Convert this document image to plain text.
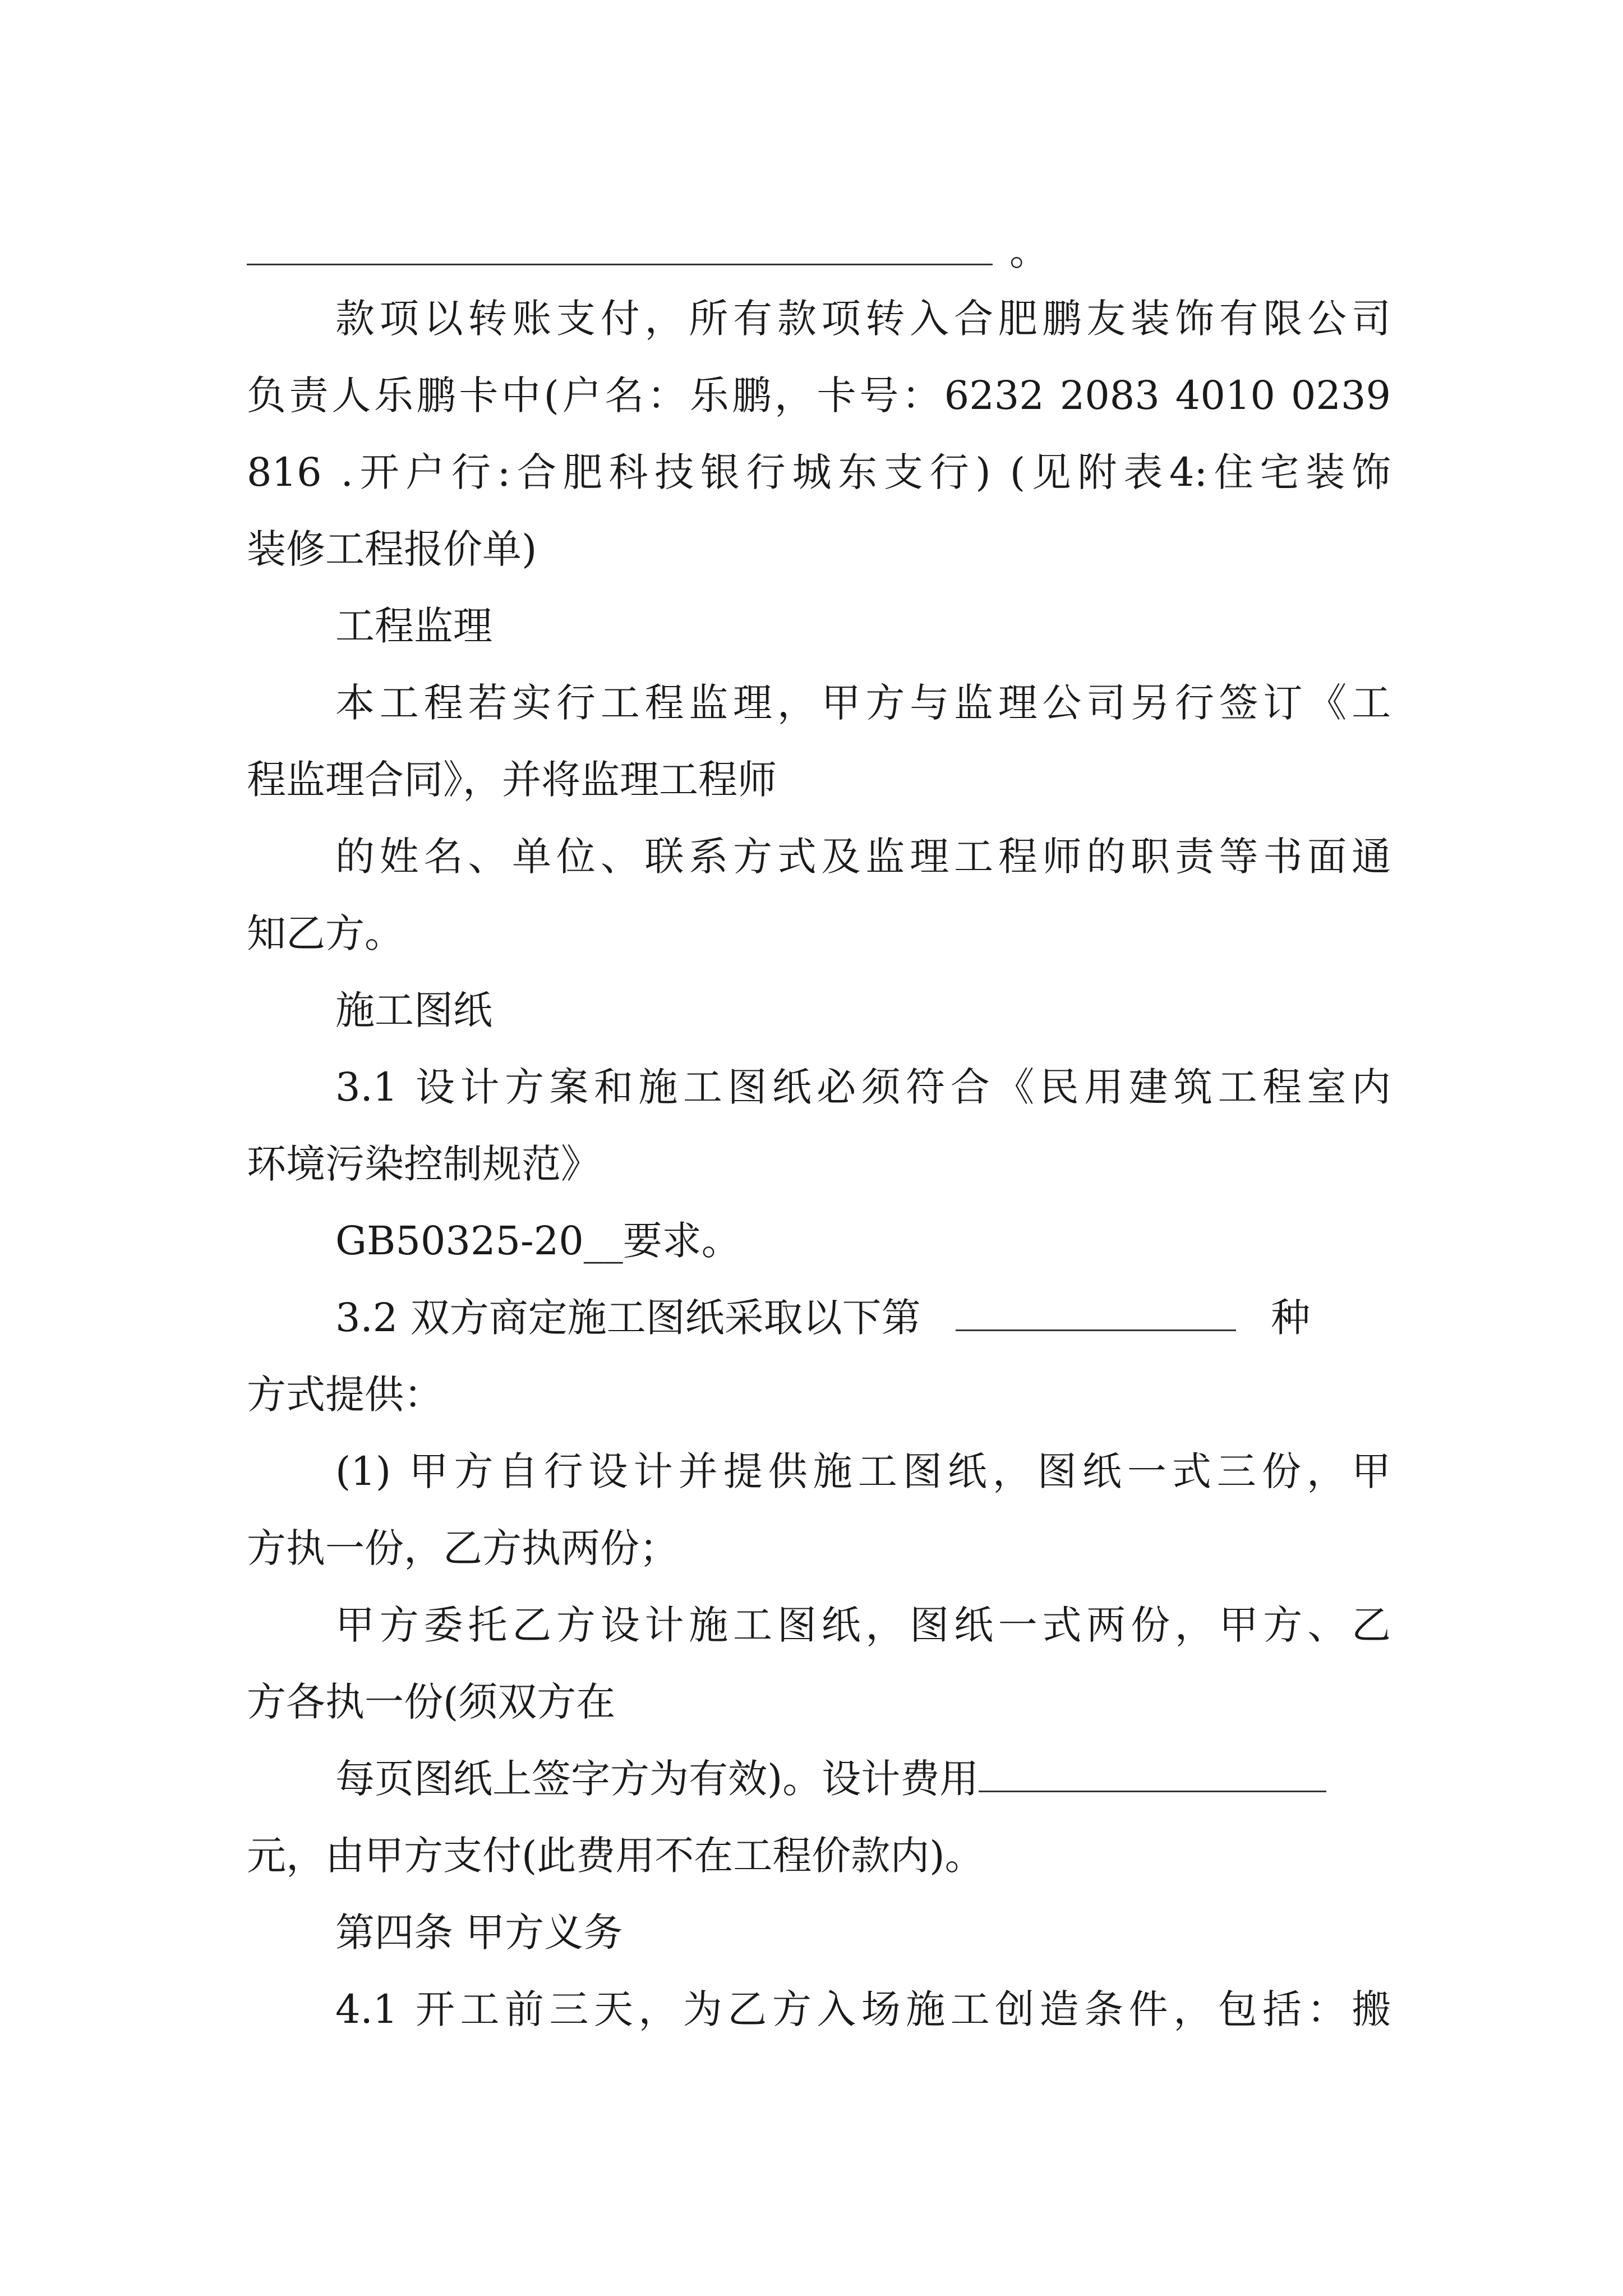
。
款项以转账支付，所有款项转入合肥鹏友装饰有限公司
负责人乐鹏卡中(户名：乐鹏，卡号：6232 2083 4010 0239
816 .开户行:合肥科技银行城东支行) (见附表4:住宅装饰
装修工程报价单)
工程监理
本工程若实行工程监理，甲方与监理公司另行签订《工
程监理合同》，并将监理工程师
的姓名、单位、联系方式及监理工程师的职责等书面通
知乙方。
施工图纸
3.1 设计方案和施工图纸必须符合《民用建筑工程室内
环境污染控制规范》
GB50325-20__要求。
3.2 双方商定施工图纸采取以下第	种
方式提供：
(1) 甲方自行设计并提供施工图纸，图纸一式三份，甲
方执一份，乙方执两份；
甲方委托乙方设计施工图纸，图纸一式两份，甲方、乙
方各执一份(须双方在
每页图纸上签字方为有效)。设计费用
元，由甲方支付(此费用不在工程价款内)。
第四条 甲方义务
4.1 开工前三天，为乙方入场施工创造条件，包括：搬
